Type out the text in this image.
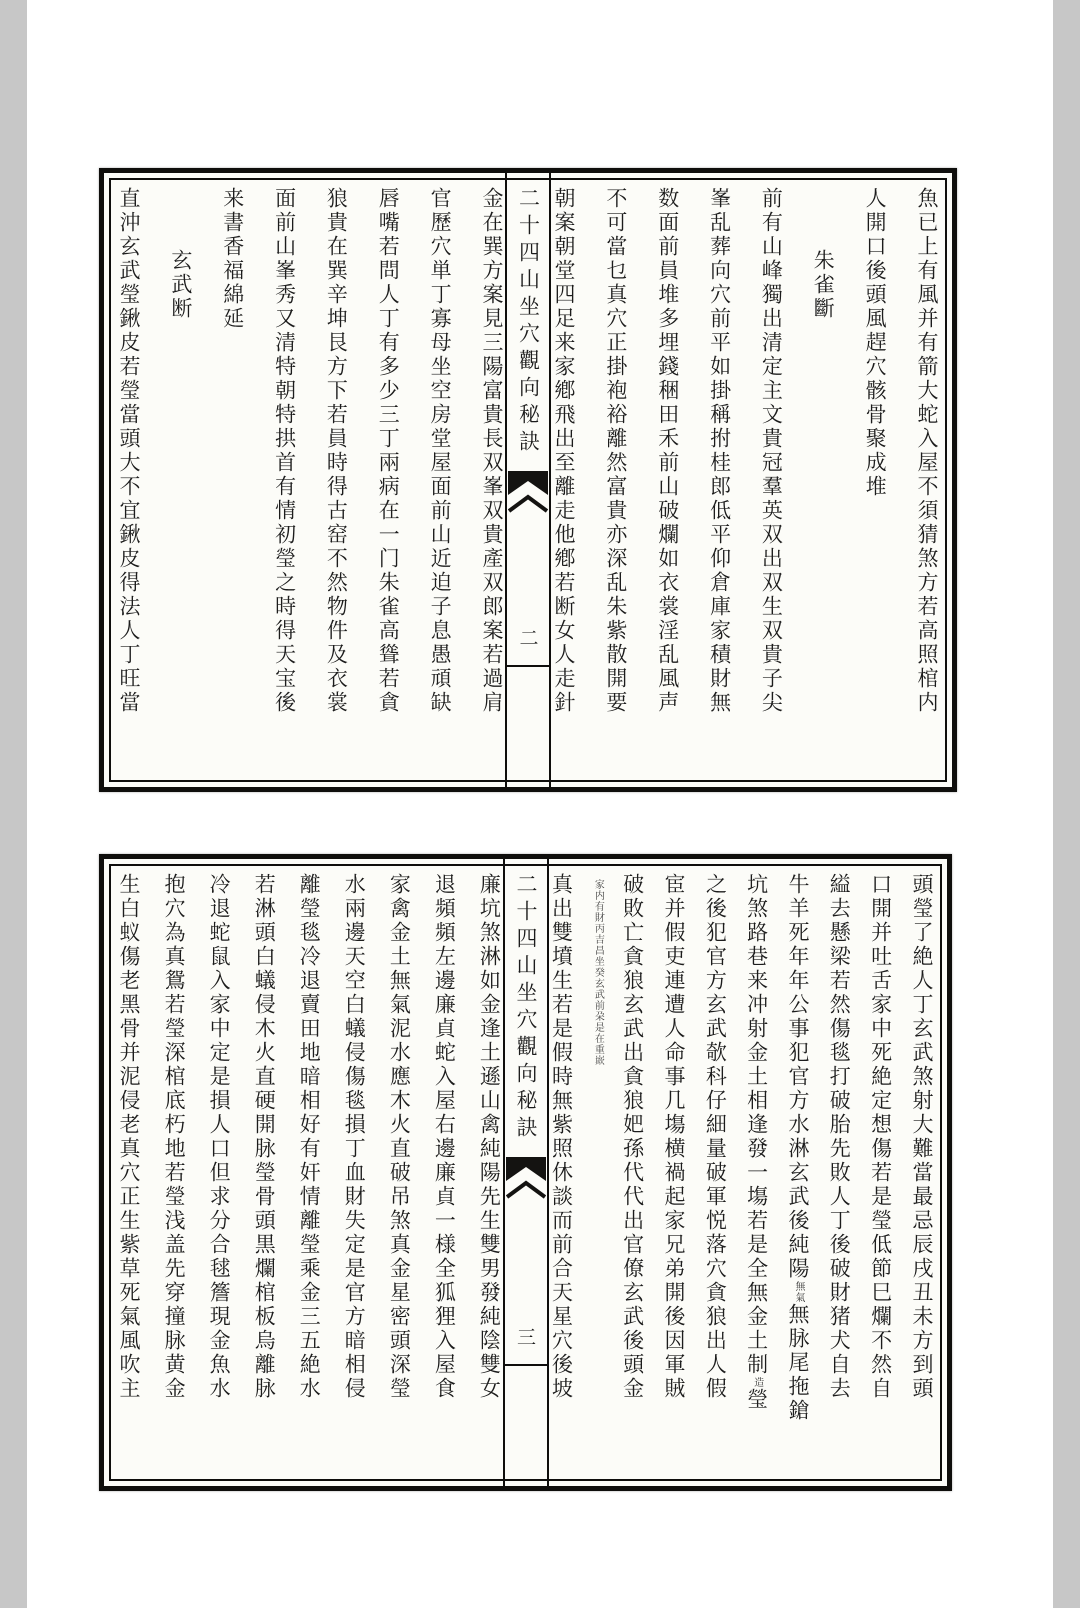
金在巽方案見三陽富貴長双峯双貴產双郎案若過肩
官歷穴単丁寡母坐空房堂屋面前山近迫子息愚頑缺
唇嘴若問人丁有多少三丁兩病在一门朱雀高聳若貪
狼貴在巽辛坤艮方下若員時得古窑不然物件及衣裳
面前山峯秀又清特朝特拱首有情初瑩之時得天宝後
来書香福綿延
玄武断
直沖玄武瑩鍬皮若瑩當頭大不宜鍬皮得法人丁旺當	二十四山坐穴觀向秘訣
二	魚已上有風并有箭大蛇入屋不須猜煞方若高照棺内
人開口後頭風趕穴骸骨聚成堆
朱雀斷
前有山峰獨出清定主文貴冠羣英双出双生双貴子尖
峯乱葬向穴前平如掛稱拊桂郎低平仰倉庫家積財無
数面前員堆多埋錢稇田禾前山破爛如衣裳淫乱風声
不可當乜真穴正掛袍裕離然富貴亦深乱朱紫散開要
朝案朝堂四足来家鄕飛出至離走他鄕若断女人走針
廉坑煞淋如金逢土遜山禽純陽先生雙男發純陰雙女
退頻頻左邊廉貞蛇入屋右邊廉貞一様全狐狸入屋食
家禽金土無氣泥水應木火直破吊煞真金星密頭深瑩
水兩邊天空白蟻侵傷毯損丁血財失定是官方暗相侵
離瑩毯冷退賣田地暗相好有奸情離瑩乘金三五絶水
若淋頭白蟻侵木火直硬開脉瑩骨頭黒爛棺板烏離脉
冷退蛇鼠入家中定是損人口但求分合毬簷現金魚水
抱穴為真鴛若瑩深棺底朽地若瑩浅盖先穿撞脉黄金
生白蚁傷老黑骨并泥侵老真穴正生紫草死氣風吹主	二十四山坐穴觀向秘訣
三	頭瑩了絶人丁玄武煞射大難當最忌辰戌丑未方到頭
口開并吐舌家中死絶定想傷若是瑩低節巳爛不然自
縊去懸梁若然傷毯打破胎先敗人丁後破財猪犬自去
牛羊死年年公事犯官方水淋玄武後純陽無氣無脉尾拖鎗
坑煞路巷来冲射金土相逢發一塲若是全無金土制造瑩
之後犯官方玄武欹科仔細量破軍悦落穴貪狼出人假
宦并假吏連遭人命事几塲横禍起家兄弟開後因軍賊
破敗亡貪狼玄武出貪狼妑孫代代出官僚玄武後頭金
家内有財丙吉昌坐癸玄武前朶是在重㠌
真出雙墳生若是假時無紫照休談而前合天星穴後坡
